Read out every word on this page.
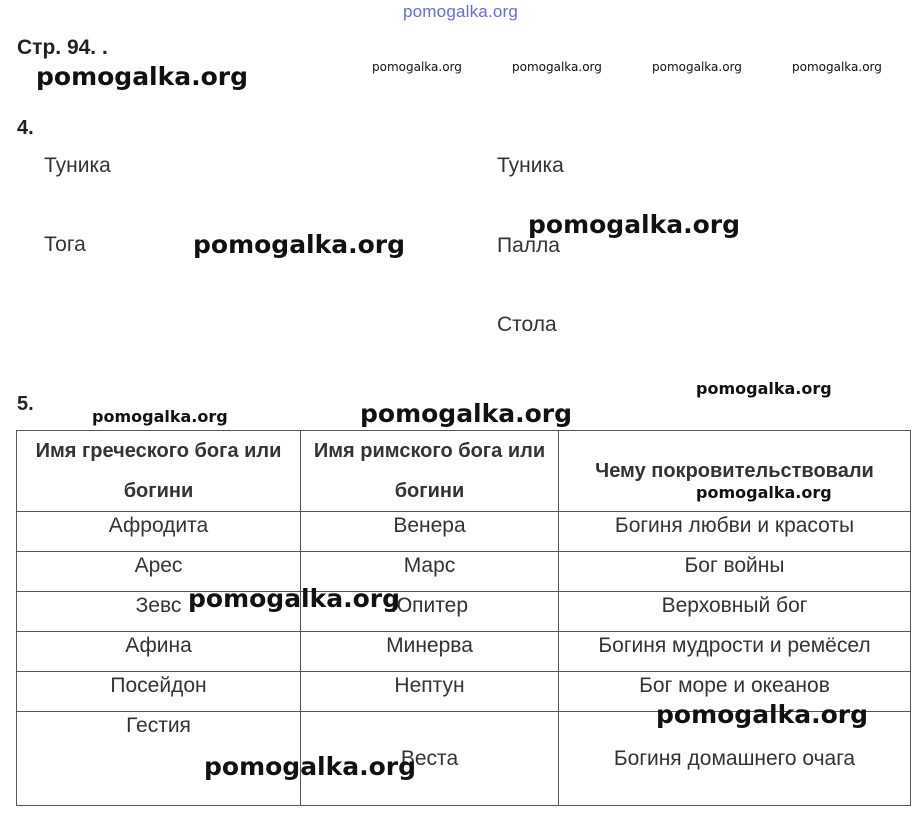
pomogalka.org
Стр. 94. .
pomogalka.org	pomogalka.org	pomogalka.org	pomogalka.org	pomogalka.org
4.
Туника
Тога
Туника
Палла
Стола
pomogalka.org
pomogalka.org
5.
Имя греческого бога или богини	Имя римского бога или богини	Чему покровительствовали
Афродита	Венера	Богиня любви и красоты
Арес	Марс	Бог войны
Зевс	Юпитер	Верховный бог
Афина	Минерва	Богиня мудрости и ремёсел
Посейдон	Нептун	Бог море и океанов
Гестия	Веста	Богиня домашнего очага
pomogalka.org
pomogalka.org	pomogalka.org
pomogalka.org
pomogalka.org
pomogalka.org
pomogalka.org
